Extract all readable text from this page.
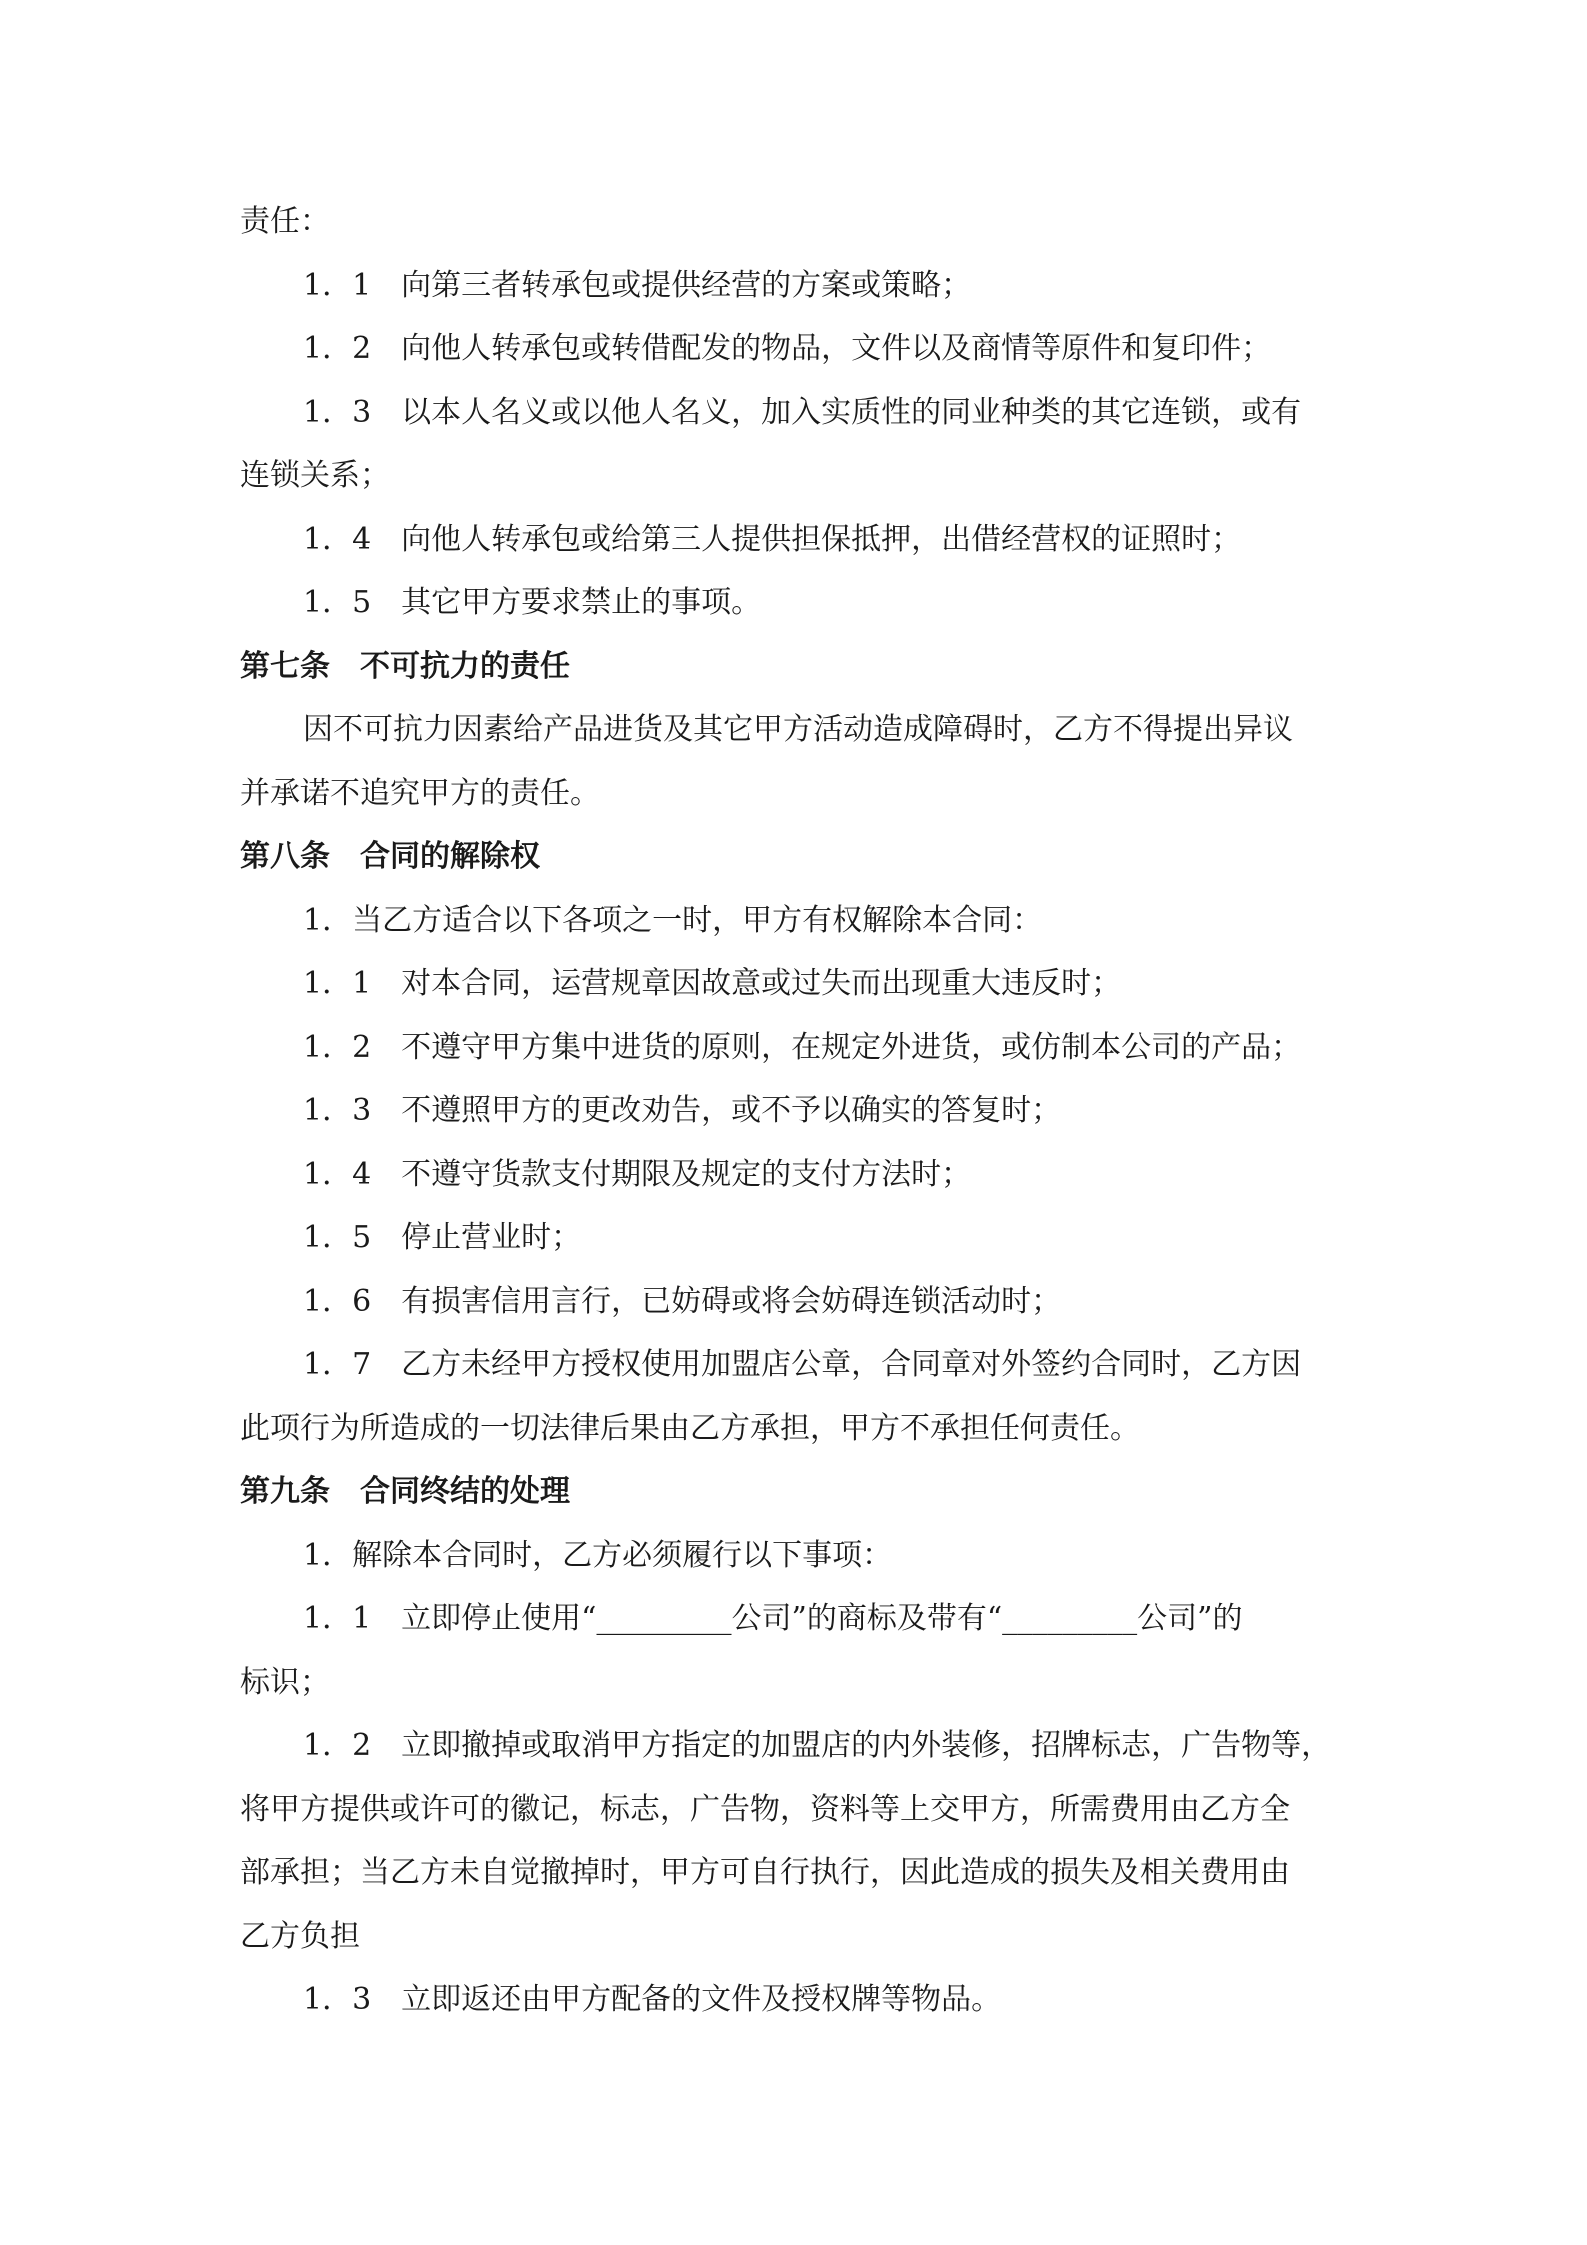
责任：
1．1　向第三者转承包或提供经营的方案或策略；
1．2　向他人转承包或转借配发的物品，文件以及商情等原件和复印件；
1．3　以本人名义或以他人名义，加入实质性的同业种类的其它连锁，或有
连锁关系；
1．4　向他人转承包或给第三人提供担保抵押，出借经营权的证照时；
1．5　其它甲方要求禁止的事项。
第七条　不可抗力的责任
因不可抗力因素给产品进货及其它甲方活动造成障碍时，乙方不得提出异议
并承诺不追究甲方的责任。
第八条　合同的解除权
1．当乙方适合以下各项之一时，甲方有权解除本合同：
1．1　对本合同，运营规章因故意或过失而出现重大违反时；
1．2　不遵守甲方集中进货的原则，在规定外进货，或仿制本公司的产品；
1．3　不遵照甲方的更改劝告，或不予以确实的答复时；
1．4　不遵守货款支付期限及规定的支付方法时；
1．5　停止营业时；
1．6　有损害信用言行，已妨碍或将会妨碍连锁活动时；
1．7　乙方未经甲方授权使用加盟店公章，合同章对外签约合同时，乙方因
此项行为所造成的一切法律后果由乙方承担，甲方不承担任何责任。
第九条　合同终结的处理
1．解除本合同时，乙方必须履行以下事项：
1．1　立即停止使用“_________公司”的商标及带有“_________公司”的
标识；
1．2　立即撤掉或取消甲方指定的加盟店的内外装修，招牌标志，广告物等，
将甲方提供或许可的徽记，标志，广告物，资料等上交甲方，所需费用由乙方全
部承担；当乙方未自觉撤掉时，甲方可自行执行，因此造成的损失及相关费用由
乙方负担
1．3　立即返还由甲方配备的文件及授权牌等物品。
